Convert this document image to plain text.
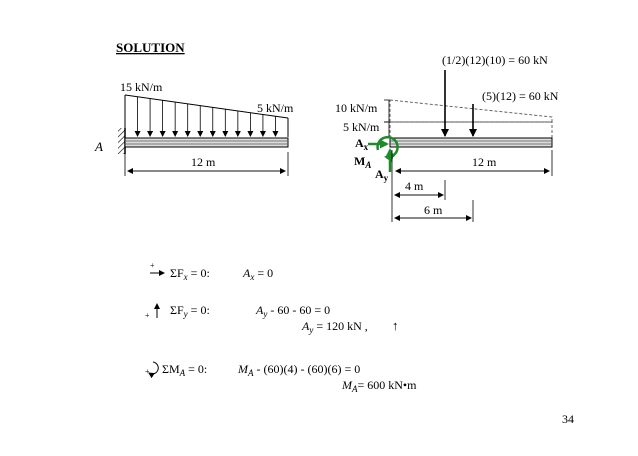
SOLUTION
A
15 kN/m
5 kN/m
12 m
10 kN/m
5 kN/m
(1/2)(12)(10) = 60 kN
(5)(12) = 60 kN
$A_x$
$M_A$
$A_y$
12 m
4 m
6 m
+
$\Sigma F_x = 0$:	$A_x = 0$
+ $\Sigma F_y = 0$:	$A_y - 60 - 60 = 0$
$A_y = 120$ kN , ↑
+ $\Sigma M_A = 0$:	$M_A - (60)(4) - (60)(6) = 0$
$M_A= 600$ kN•m
34
